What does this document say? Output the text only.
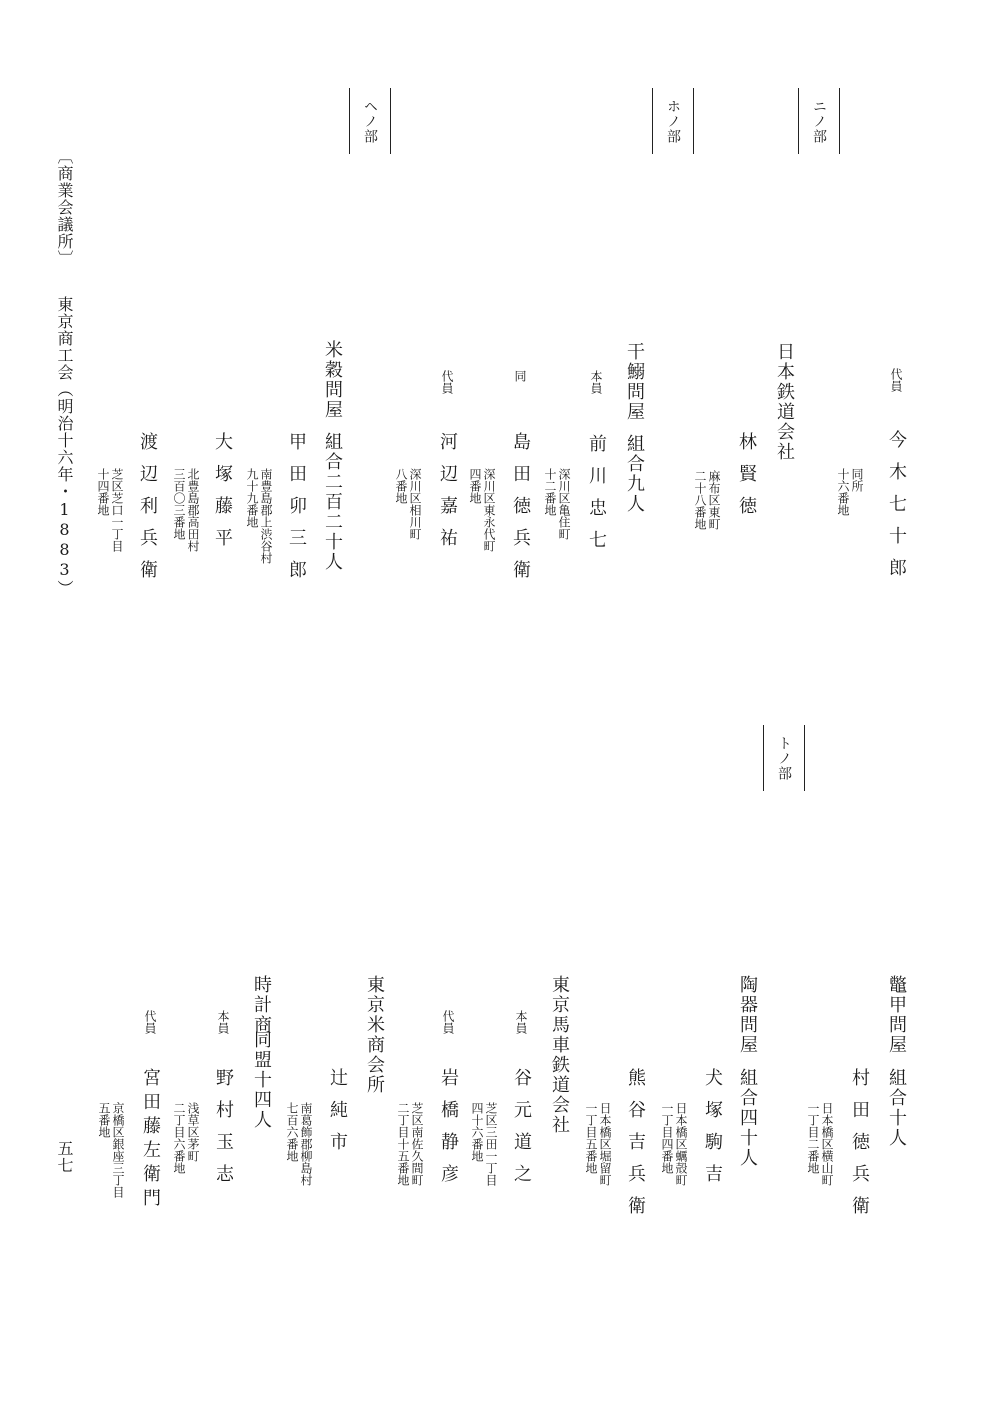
ニノ部
ホノ部
ヘノ部
トノ部
〔商業会議所〕
東京商工会（明治十六年・1883）
五七
代員
今木七十郎
同所
十六番地
日本鉄道会社
林賢徳
麻布区東町
二十八番地
干鰯問屋
組合九人
本員
前川忠七
深川区亀住町
十二番地
同
島田徳兵衛
深川区東永代町
四番地
代員
河辺嘉祐
深川区相川町
八番地
米穀問屋
組合二百二十人
甲田卯三郎
南豊島郡上渋谷村
九十九番地
大塚藤平
北豊島郡高田村
三百〇三番地
渡辺利兵衛
芝区芝口一丁目
十四番地
鼈甲問屋
組合十人
村田徳兵衛
日本橋区横山町
一丁目二番地
陶器問屋
組合四十人
犬塚駒吉
日本橋区蠣殻町
一丁目四番地
熊谷吉兵衛
日本橋区堀留町
一丁目五番地
東京馬車鉄道会社
本員
谷元道之
芝区三田一丁目
四十六番地
代員
岩橋静彦
芝区南佐久間町
二丁目十五番地
東京米商会所
辻純市
南葛飾郡柳島村
七百六番地
時計商
同盟十四人
本員
野村玉志
浅草区茅町
二丁目六番地
代員
宮田藤左衛門
京橋区銀座三丁目
五番地
